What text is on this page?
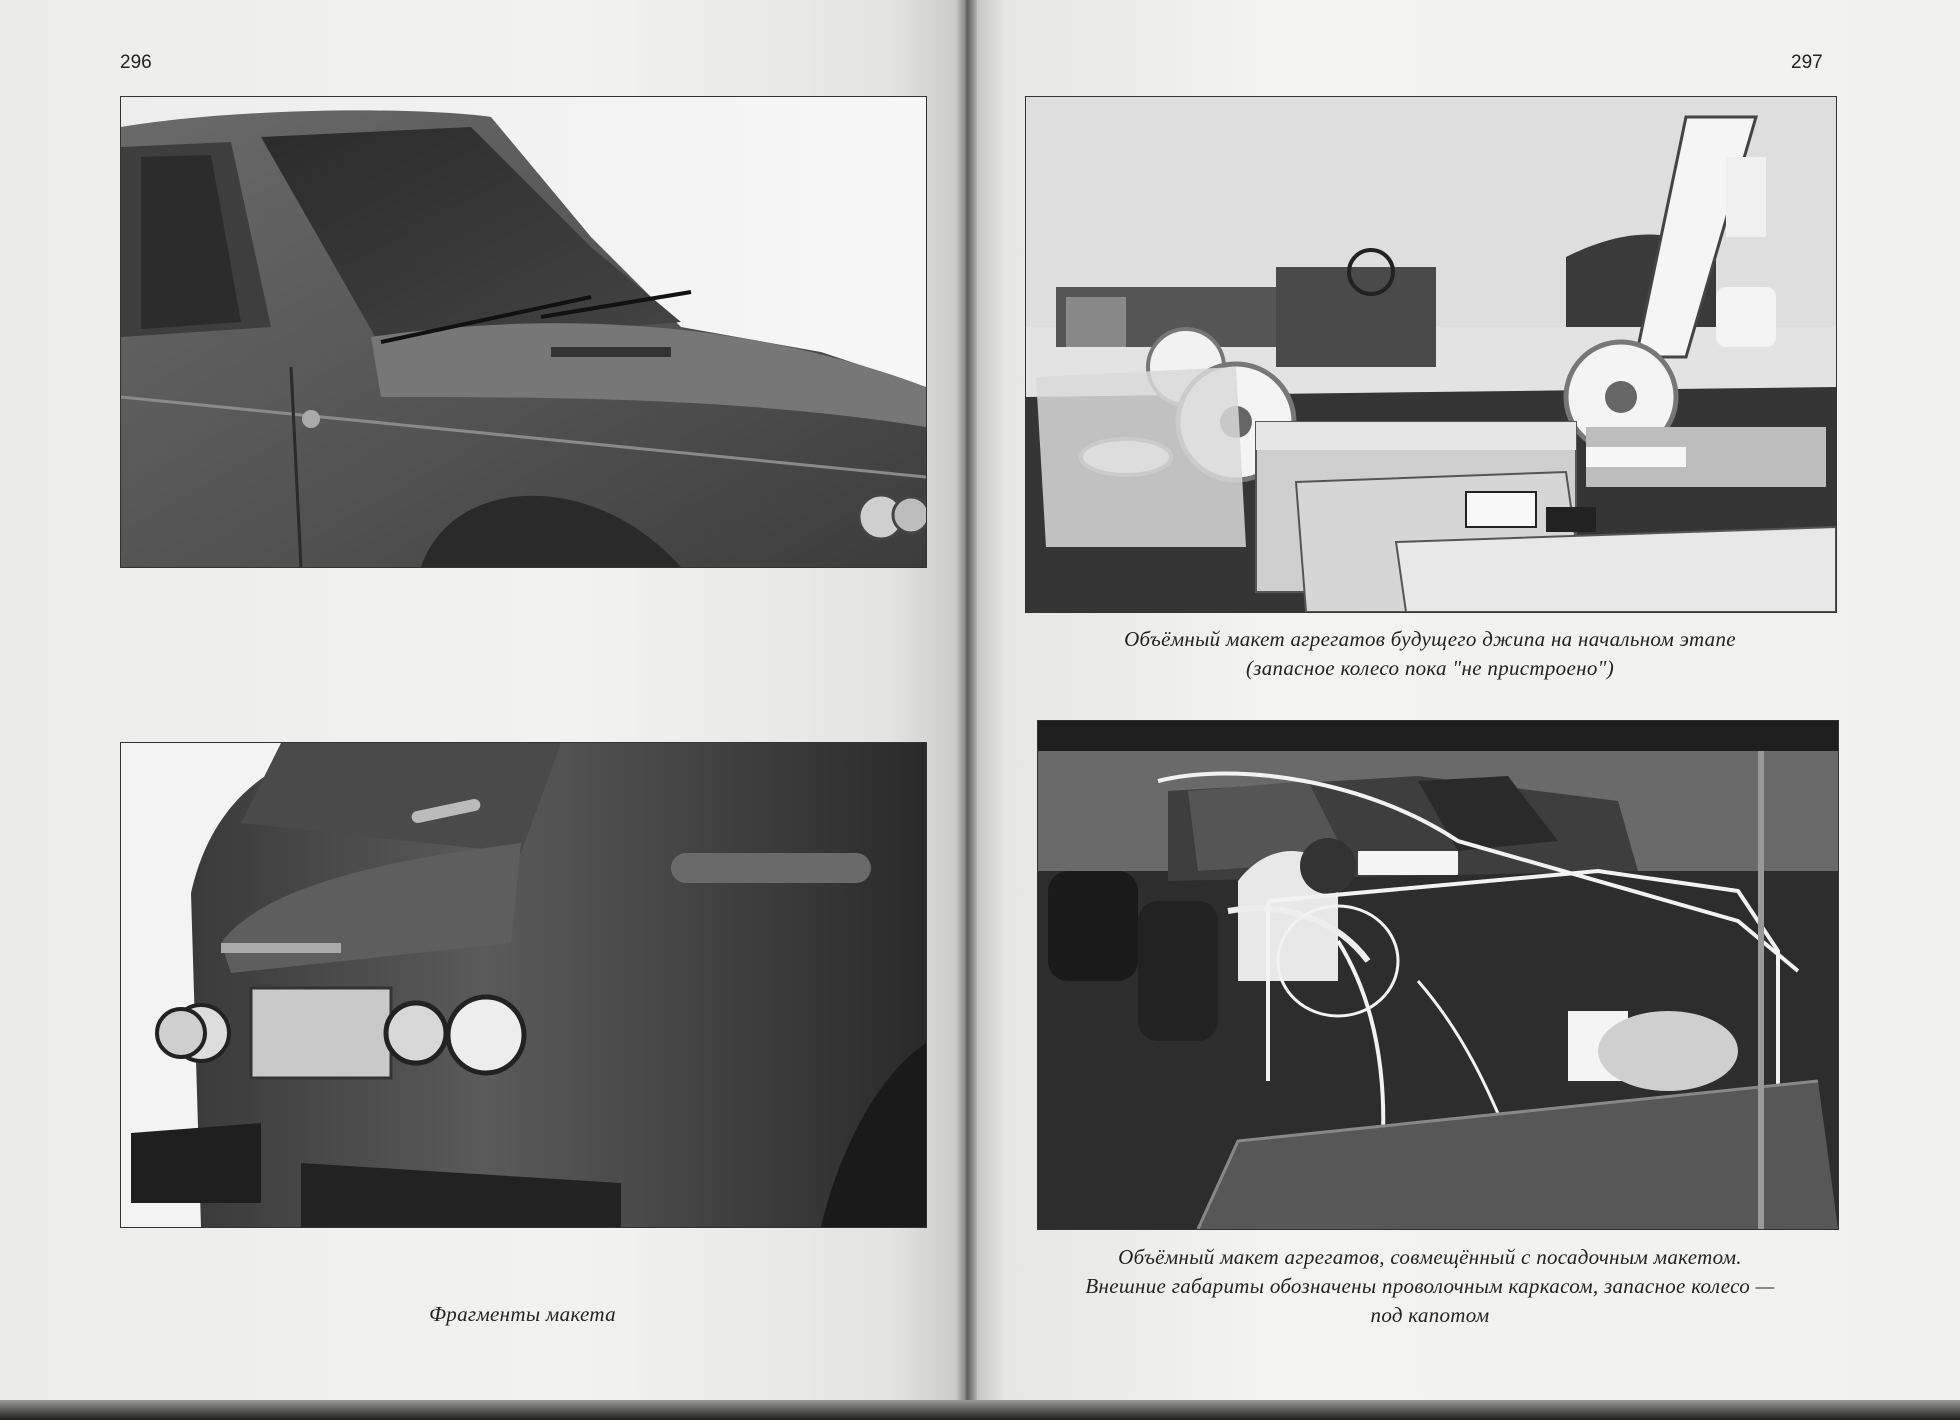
296
Фрагменты макета
297
Объёмный макет агрегатов будущего джипа на начальном этапе
(запасное колесо пока "не пристроено")
Объёмный макет агрегатов, совмещённый с посадочным макетом.
Внешние габариты обозначены проволочным каркасом, запасное колесо —
под капотом
